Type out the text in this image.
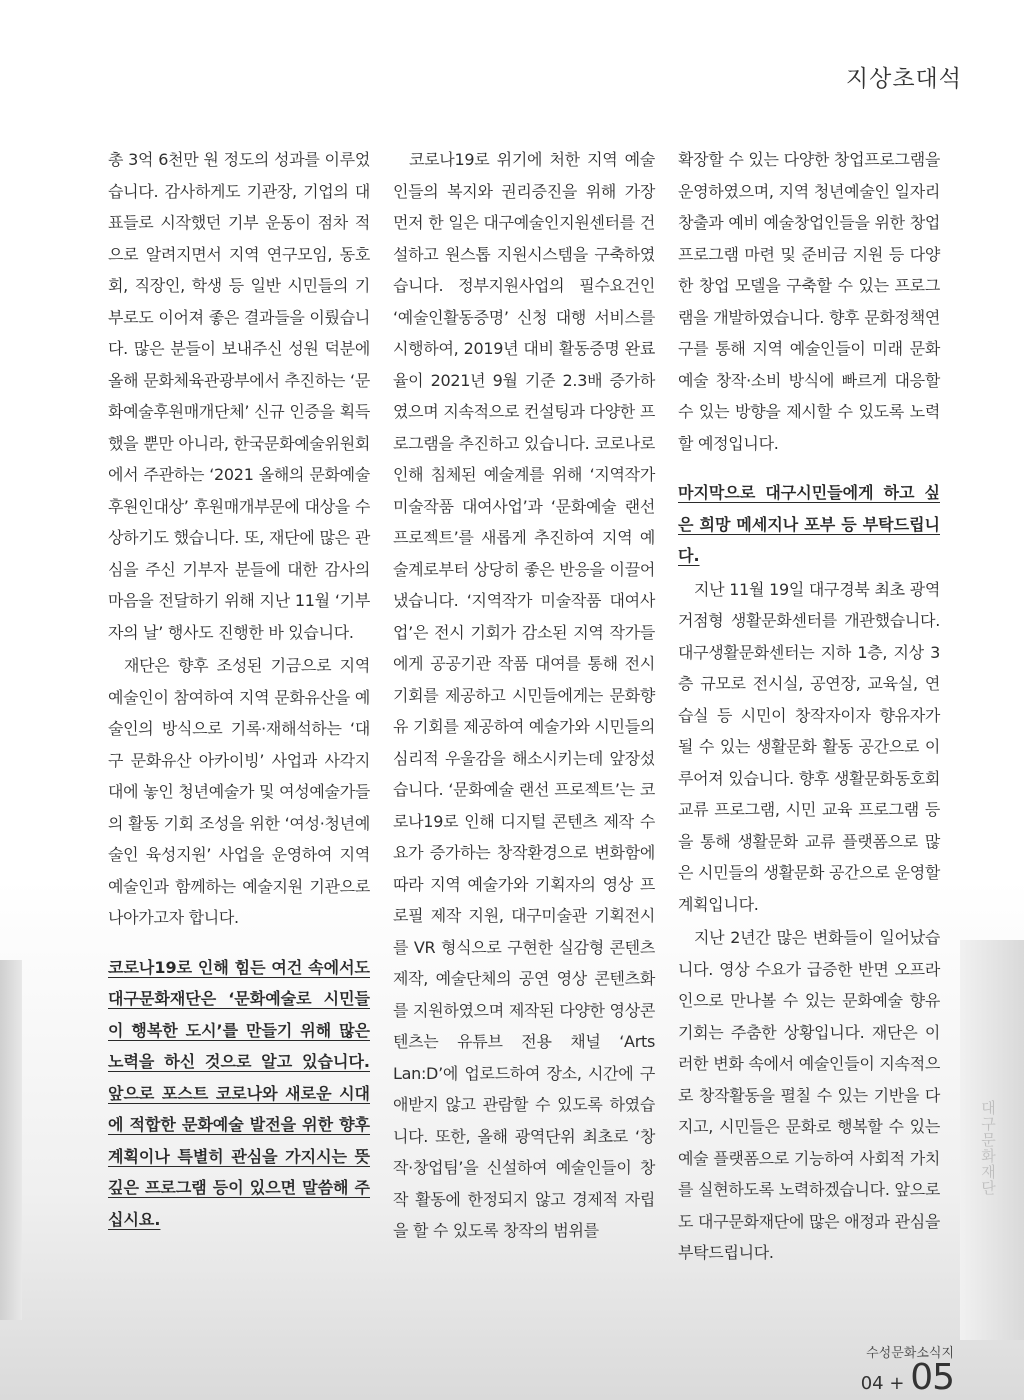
대구문화재단
지상초대석

총 3억 6천만 원 정도의 성과를 이루었습니다. 감사하게도 기관장, 기업의 대표들로 시작했던 기부 운동이 점차 적으로 알려지면서 지역 연구모임, 동호회, 직장인, 학생 등 일반 시민들의 기부로도 이어져 좋은 결과들을 이뤘습니다. 많은 분들이 보내주신 성원 덕분에 올해 문화체육관광부에서 추진하는 ‘문화예술후원매개단체’ 신규 인증을 획득했을 뿐만 아니라, 한국문화예술위원회에서 주관하는 ‘2021 올해의 문화예술 후원인대상’ 후원매개부문에 대상을 수상하기도 했습니다. 또, 재단에 많은 관심을 주신 기부자 분들에 대한 감사의 마음을 전달하기 위해 지난 11월 ‘기부자의 날’ 행사도 진행한 바 있습니다.

재단은 향후 조성된 기금으로 지역 예술인이 참여하여 지역 문화유산을 예술인의 방식으로 기록·재해석하는 ‘대구 문화유산 아카이빙’ 사업과 사각지대에 놓인 청년예술가 및 여성예술가들의 활동 기회 조성을 위한 ‘여성·청년예술인 육성지원’ 사업을 운영하여 지역 예술인과 함께하는 예술지원 기관으로 나아가고자 합니다.

코로나19로 인해 힘든 여건 속에서도 대구문화재단은 ‘문화예술로 시민들이 행복한 도시’를 만들기 위해 많은 노력을 하신 것으로 알고 있습니다. 앞으로 포스트 코로나와 새로운 시대에 적합한 문화예술 발전을 위한 향후 계획이나 특별히 관심을 가지시는 뜻깊은 프로그램 등이 있으면 말씀해 주십시요.

코로나19로 위기에 처한 지역 예술인들의 복지와 권리증진을 위해 가장 먼저 한 일은 대구예술인지원센터를 건설하고 원스톱 지원시스템을 구축하였습니다. 정부지원사업의 필수요건인 ‘예술인활동증명’ 신청 대행 서비스를 시행하여, 2019년 대비 활동증명 완료율이 2021년 9월 기준 2.3배 증가하였으며 지속적으로 컨설팅과 다양한 프로그램을 추진하고 있습니다. 코로나로 인해 침체된 예술계를 위해 ‘지역작가 미술작품 대여사업’과 ‘문화예술 랜선 프로젝트’를 새롭게 추진하여 지역 예술계로부터 상당히 좋은 반응을 이끌어 냈습니다. ‘지역작가 미술작품 대여사업’은 전시 기회가 감소된 지역 작가들에게 공공기관 작품 대여를 통해 전시 기회를 제공하고 시민들에게는 문화향유 기회를 제공하여 예술가와 시민들의 심리적 우울감을 해소시키는데 앞장섰습니다. ‘문화예술 랜선 프로젝트’는 코로나19로 인해 디지털 콘텐츠 제작 수요가 증가하는 창작환경으로 변화함에 따라 지역 예술가와 기획자의 영상 프로필 제작 지원, 대구미술관 기획전시를 VR 형식으로 구현한 실감형 콘텐츠 제작, 예술단체의 공연 영상 콘텐츠화를 지원하였으며 제작된 다양한 영상콘텐츠는 유튜브 전용 채널 ‘Arts Lan:D’에 업로드하여 장소, 시간에 구애받지 않고 관람할 수 있도록 하였습니다. 또한, 올해 광역단위 최초로 ‘창작·창업팀’을 신설하여 예술인들이 창작 활동에 한정되지 않고 경제적 자립을 할 수 있도록 창작의 범위를

확장할 수 있는 다양한 창업프로그램을 운영하였으며, 지역 청년예술인 일자리 창출과 예비 예술창업인들을 위한 창업 프로그램 마련 및 준비금 지원 등 다양한 창업 모델을 구축할 수 있는 프로그램을 개발하였습니다. 향후 문화정책연구를 통해 지역 예술인들이 미래 문화예술 창작·소비 방식에 빠르게 대응할 수 있는 방향을 제시할 수 있도록 노력할 예정입니다.

마지막으로 대구시민들에게 하고 싶은 희망 메세지나 포부 등 부탁드립니다.

지난 11월 19일 대구경북 최초 광역거점형 생활문화센터를 개관했습니다. 대구생활문화센터는 지하 1층, 지상 3층 규모로 전시실, 공연장, 교육실, 연습실 등 시민이 창작자이자 향유자가 될 수 있는 생활문화 활동 공간으로 이루어져 있습니다. 향후 생활문화동호회 교류 프로그램, 시민 교육 프로그램 등을 통해 생활문화 교류 플랫폼으로 많은 시민들의 생활문화 공간으로 운영할 계획입니다.

지난 2년간 많은 변화들이 일어났습니다. 영상 수요가 급증한 반면 오프라인으로 만나볼 수 있는 문화예술 향유 기회는 주춤한 상황입니다. 재단은 이러한 변화 속에서 예술인들이 지속적으로 창작활동을 펼칠 수 있는 기반을 다지고, 시민들은 문화로 행복할 수 있는 예술 플랫폼으로 기능하여 사회적 가치를 실현하도록 노력하겠습니다. 앞으로도 대구문화재단에 많은 애정과 관심을 부탁드립니다.

수성문화소식지
04 + 05
